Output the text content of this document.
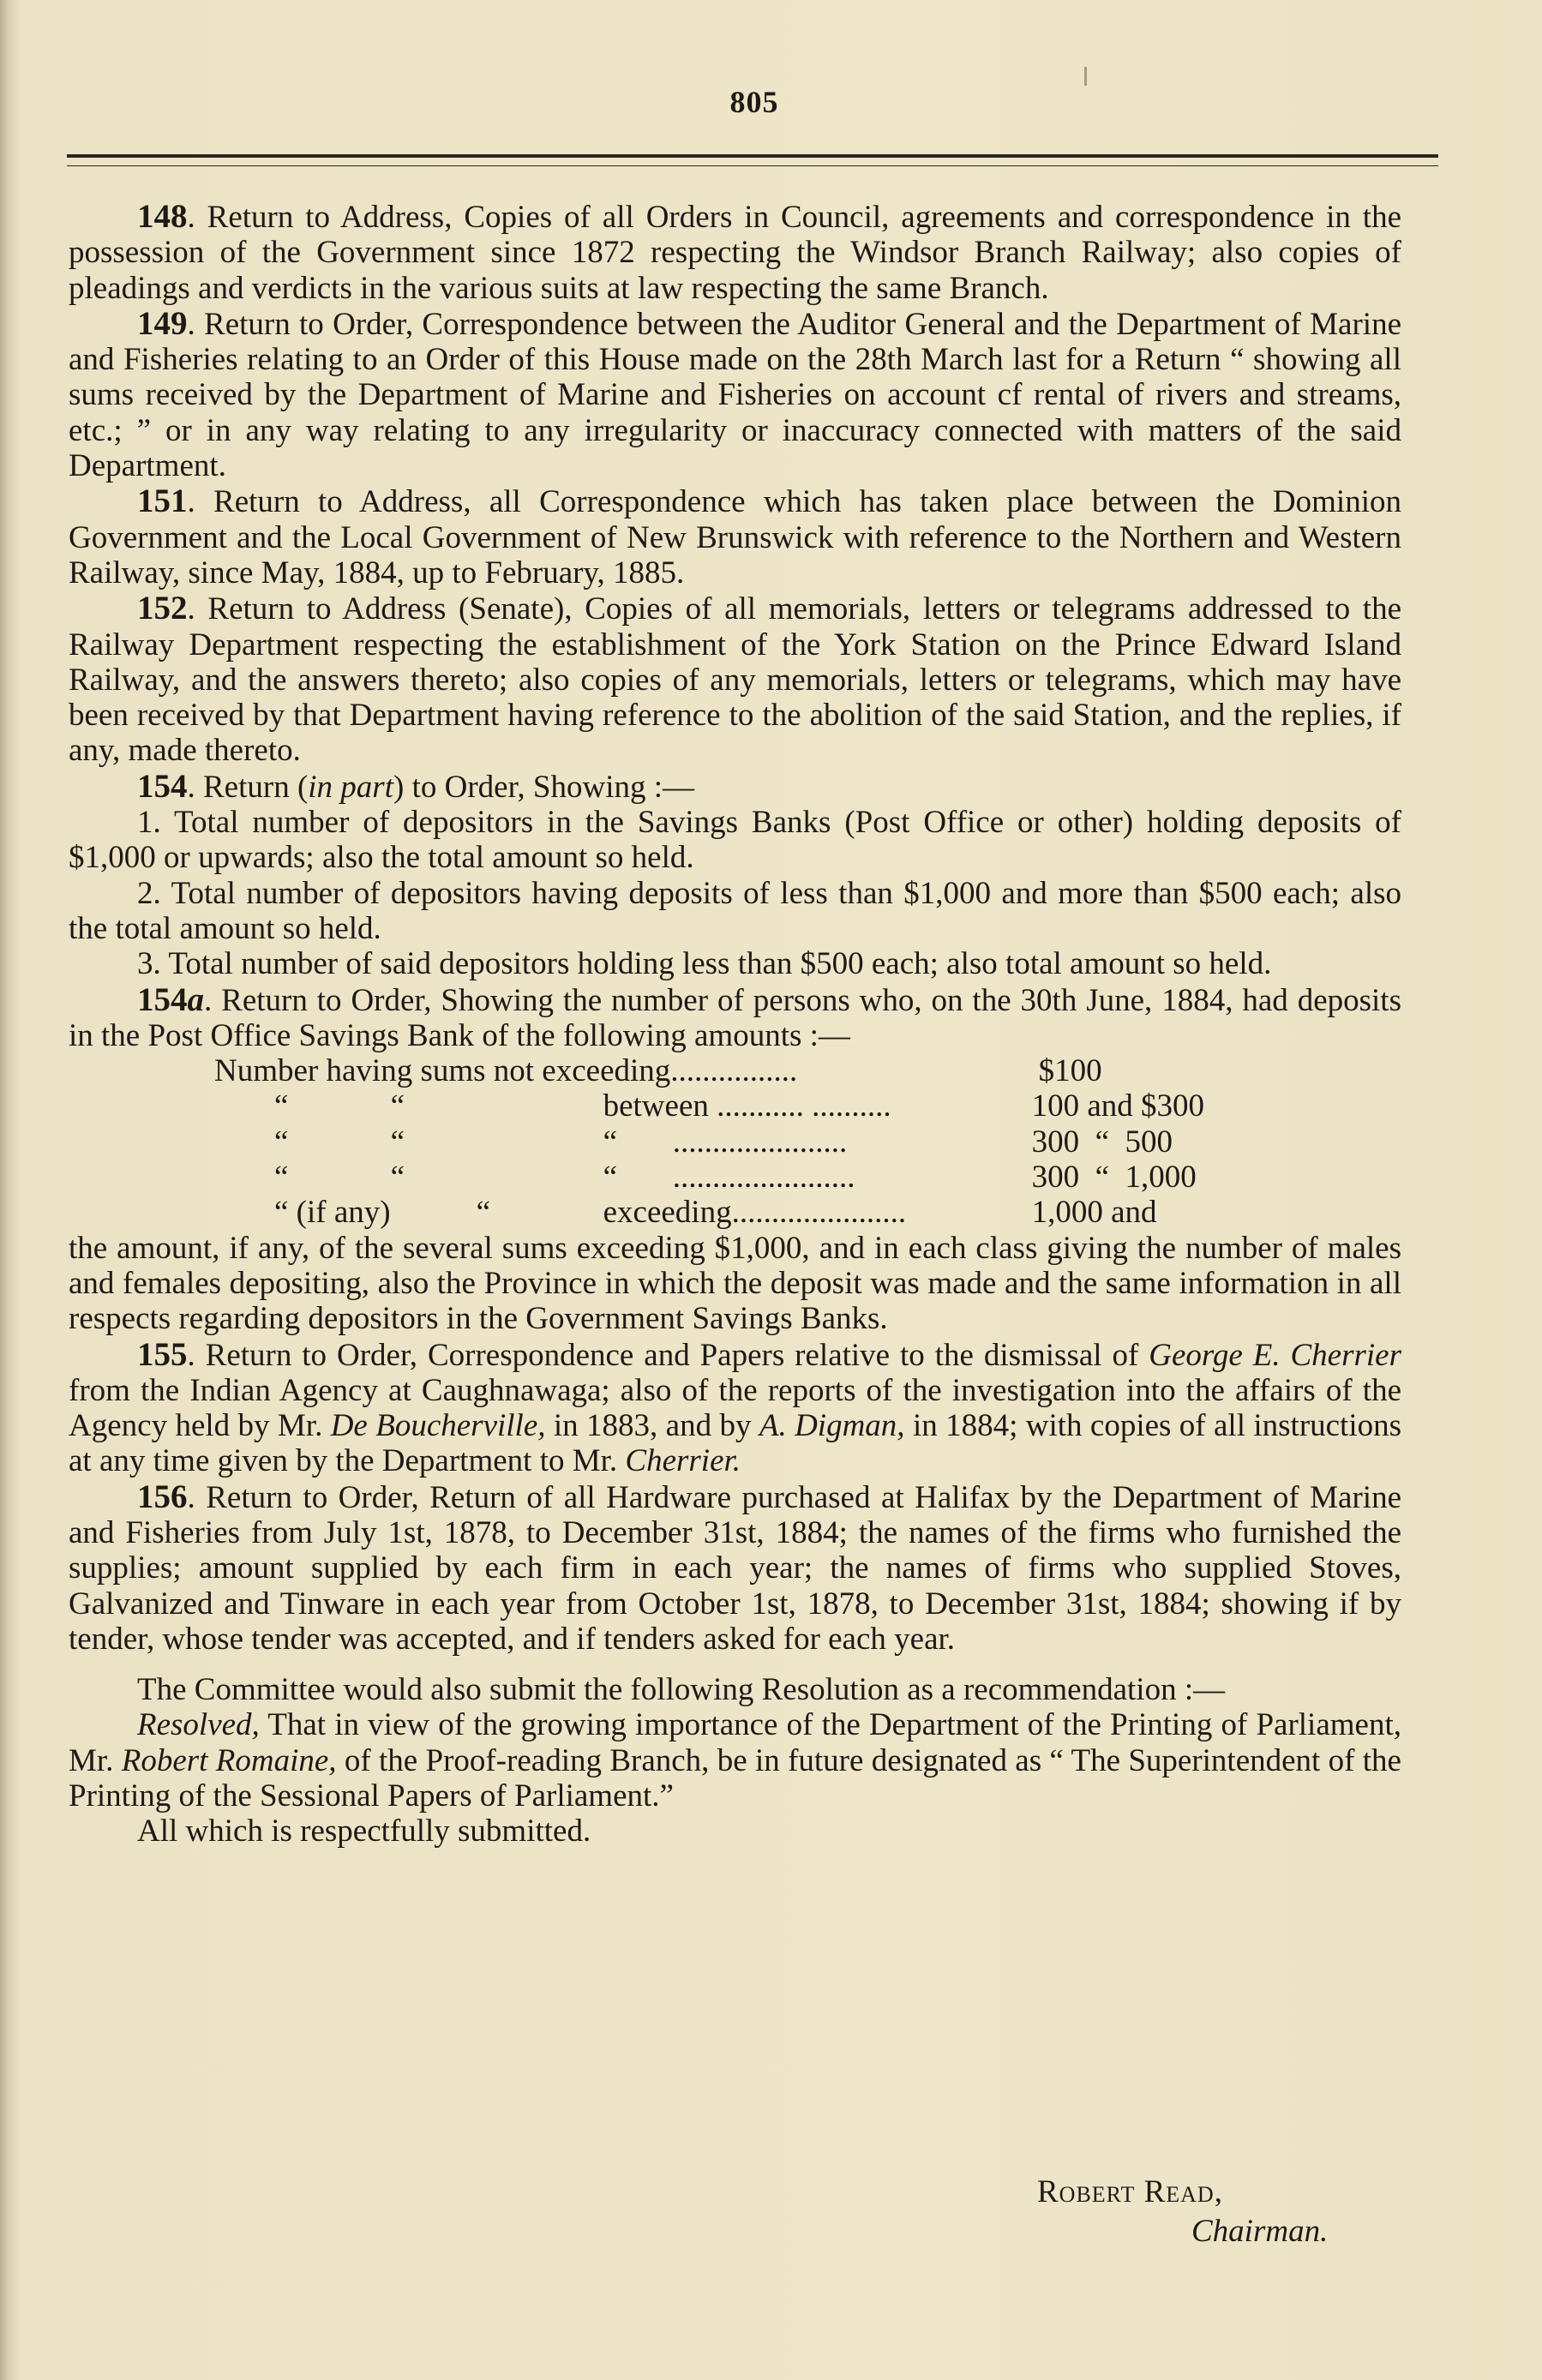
805

148. Return to Address, Copies of all Orders in Council, agreements and correspondence in the possession of the Government since 1872 respecting the Windsor Branch Railway; also copies of pleadings and verdicts in the various suits at law respecting the same Branch.

149. Return to Order, Correspondence between the Auditor General and the Department of Marine and Fisheries relating to an Order of this House made on the 28th March last for a Return “ showing all sums received by the Department of Marine and Fisheries on account cf rental of rivers and streams, etc.; ” or in any way relating to any irregularity or inaccuracy connected with matters of the said Department.

151. Return to Address, all Correspondence which has taken place between the Dominion Government and the Local Government of New Brunswick with reference to the Northern and Western Railway, since May, 1884, up to February, 1885.

152. Return to Address (Senate), Copies of all memorials, letters or telegrams addressed to the Railway Department respecting the establishment of the York Station on the Prince Edward Island Railway, and the answers thereto; also copies of any memorials, letters or telegrams, which may have been received by that Department having reference to the abolition of the said Station, and the replies, if any, made thereto.

154. Return (in part) to Order, Showing :—

1. Total number of depositors in the Savings Banks (Post Office or other) holding deposits of $1,000 or upwards; also the total amount so held.

2. Total number of depositors having deposits of less than $1,000 and more than $500 each; also the total amount so held.

3. Total number of said depositors holding less than $500 each; also total amount so held.

154a. Return to Order, Showing the number of persons who, on the 30th June, 1884, had deposits in the Post Office Savings Bank of the following amounts :—

Number having sums not exceeding................			$100
“	“	between ........... ..........	100 and $300
“	“	“       ......................	300  “  500
“	“	“       .......................	300  “  1,000
“ (if any)	“	exceeding......................	1,000 and

the amount, if any, of the several sums exceeding $1,000, and in each class giving the number of males and females depositing, also the Province in which the deposit was made and the same information in all respects regarding depositors in the Government Savings Banks.

155. Return to Order, Correspondence and Papers relative to the dismissal of George E. Cherrier from the Indian Agency at Caughnawaga; also of the reports of the investigation into the affairs of the Agency held by Mr. De Boucherville, in 1883, and by A. Digman, in 1884; with copies of all instructions at any time given by the Department to Mr. Cherrier.

156. Return to Order, Return of all Hardware purchased at Halifax by the Department of Marine and Fisheries from July 1st, 1878, to December 31st, 1884; the names of the firms who furnished the supplies; amount supplied by each firm in each year; the names of firms who supplied Stoves, Galvanized and Tinware in each year from October 1st, 1878, to December 31st, 1884; showing if by tender, whose tender was accepted, and if tenders asked for each year.

The Committee would also submit the following Resolution as a recommendation :—

Resolved, That in view of the growing importance of the Department of the Printing of Parliament, Mr. Robert Romaine, of the Proof-reading Branch, be in future designated as “ The Superintendent of the Printing of the Sessional Papers of Parliament.”

All which is respectfully submitted.

Robert Read,
Chairman.
